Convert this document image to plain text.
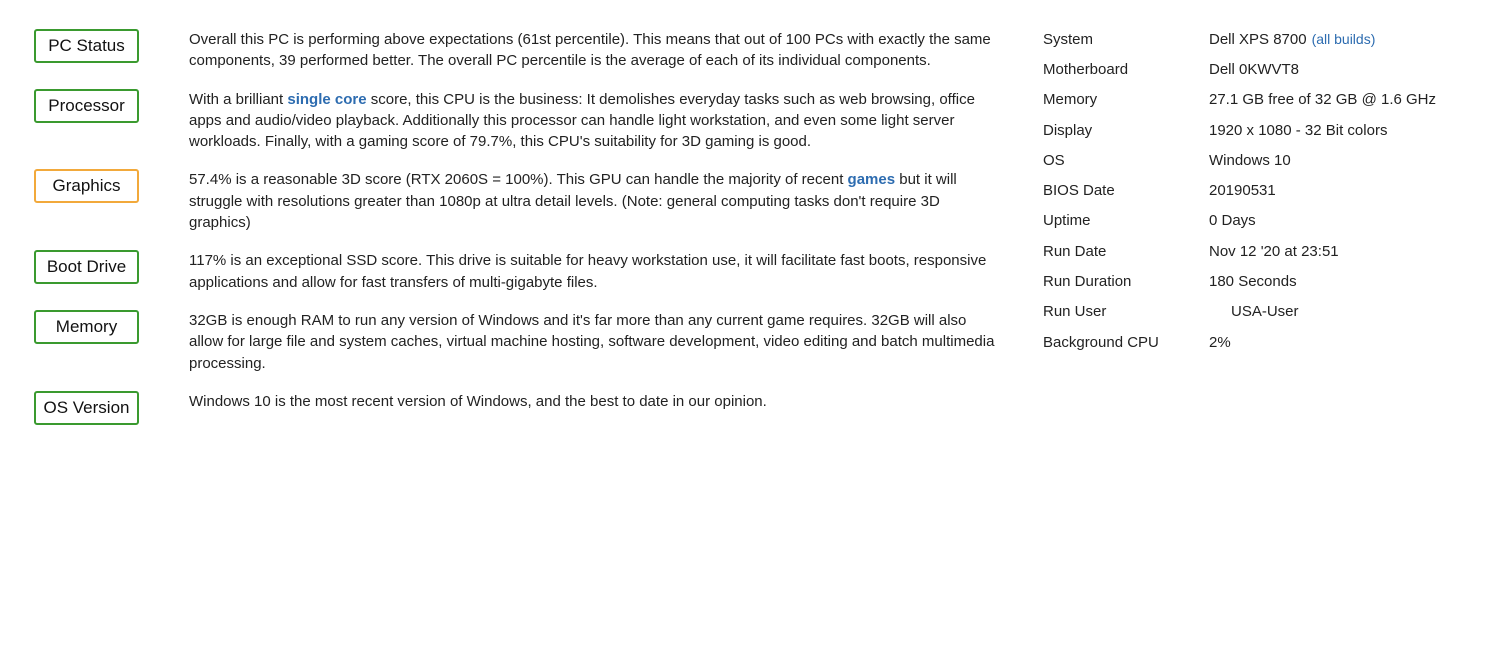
PC Status	Overall this PC is performing above expectations (61st percentile). This means that out of 100 PCs with exactly the same components, 39 performed better. The overall PC percentile is the average of each of its individual components.
Processor	With a brilliant single core score, this CPU is the business: It demolishes everyday tasks such as web browsing, office apps and audio/video playback. Additionally this processor can handle light workstation, and even some light server workloads. Finally, with a gaming score of 79.7%, this CPU's suitability for 3D gaming is good.
Graphics	57.4% is a reasonable 3D score (RTX 2060S = 100%). This GPU can handle the majority of recent games but it will struggle with resolutions greater than 1080p at ultra detail levels. (Note: general computing tasks don't require 3D graphics)
Boot Drive	117% is an exceptional SSD score. This drive is suitable for heavy workstation use, it will facilitate fast boots, responsive applications and allow for fast transfers of multi-gigabyte files.
Memory	32GB is enough RAM to run any version of Windows and it's far more than any current game requires. 32GB will also allow for large file and system caches, virtual machine hosting, software development, video editing and batch multimedia processing.
OS Version	Windows 10 is the most recent version of Windows, and the best to date in our opinion.
System	Dell XPS 8700 (all builds)
Motherboard	Dell 0KWVT8
Memory	27.1 GB free of 32 GB @ 1.6 GHz
Display	1920 x 1080 - 32 Bit colors
OS	Windows 10
BIOS Date	20190531
Uptime	0 Days
Run Date	Nov 12 '20 at 23:51
Run Duration	180 Seconds
Run User	USA-User
Background CPU	2%
